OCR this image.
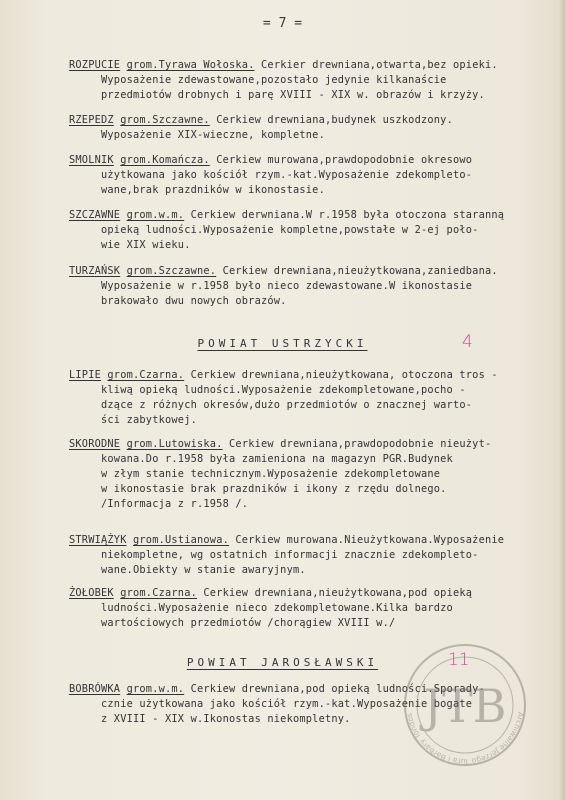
= 7 =
ROZPUCIE grom.Tyrawa Wołoska. Cerkier drewniana,otwarta,bez opieki.
Wyposażenie zdewastowane,pozostało jedynie kilkanaście
przedmiotów drobnych i parę XVIII - XIX w. obrazów i krzyży.
RZEPEDZ grom.Szczawne. Cerkiew drewniana,budynek uszkodzony.
Wyposażenie XIX-wieczne, kompletne.
SMOLNIK grom.Komańcza. Cerkiew murowana,prawdopodobnie okresowo
użytkowana jako kościół rzym.-kat.Wyposażenie zdekompleto-
wane,brak prazdników w ikonostasie.
SZCZAWNE grom.w.m. Cerkiew derwniana.W r.1958 była otoczona staranną
opieką ludności.Wyposażenie kompletne,powstałe w 2-ej poło-
wie XIX wieku.
TURZAŃSK grom.Szczawne. Cerkiew drewniana,nieużytkowana,zaniedbana.
Wyposażenie w r.1958 było nieco zdewastowane.W ikonostasie
brakowało dwu nowych obrazów.
LIPIE grom.Czarna. Cerkiew drewniana,nieużytkowana, otoczona tros -
kliwą opieką ludności.Wyposażenie zdekompletowane,pocho -
dzące z różnych okresów,dużo przedmiotów o znacznej warto-
ści zabytkowej.
SKORODNE grom.Lutowiska. Cerkiew drewniana,prawdopodobnie nieużyt-
kowana.Do r.1958 była zamieniona na magazyn PGR.Budynek
w złym stanie technicznym.Wyposażenie zdekompletowane
w ikonostasie brak prazdników i ikony z rzędu dolnego.
/Informacja z r.1958 /.
STRWIĄŻYK grom.Ustianowa. Cerkiew murowana.Nieużytkowana.Wyposażenie
niekompletne, wg ostatnich informacji znacznie zdekompleto-
wane.Obiekty w stanie awaryjnym.
ŻOŁOBEK grom.Czarna. Cerkiew drewniana,nieużytkowana,pod opieką
ludności.Wyposażenie nieco zdekompletowane.Kilka bardzo
wartościowych przedmiotów /chorągiew XVIII w./
BOBRÓWKA grom.w.m. Cerkiew drewniana,pod opieką ludności.Sporady-
cznie użytkowana jako kościół rzym.-kat.Wyposażenie bogate
z XVIII - XIX w.Ikonostas niekompletny.
POWIAT USTRZYCKI	4
POWIAT JAROSŁAWSKI	11
Archiwalne Jerzego Tura i Barbary Tondos JTB
